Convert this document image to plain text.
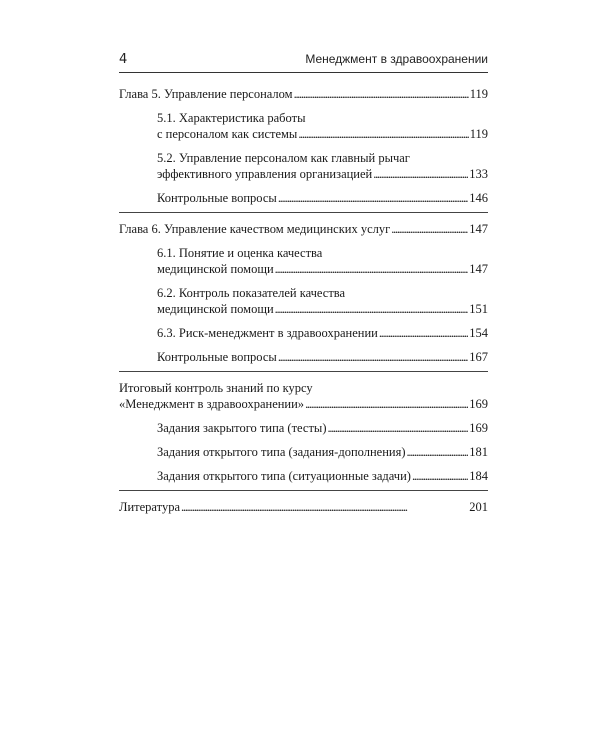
4	Менеджмент в здравоохранении
Глава 5. Управление персоналом . . .	119
5.1. Характеристика работы
с персоналом как системы . . .	119
5.2. Управление персоналом как главный рычаг
эффективного управления организацией . . .	133
Контрольные вопросы . . .	146
Глава 6. Управление качеством медицинских услуг . . .	147
6.1. Понятие и оценка качества
медицинской помощи . . .	147
6.2. Контроль показателей качества
медицинской помощи . . .	151
6.3. Риск-менеджмент в здравоохранении . . .	154
Контрольные вопросы . . .	167
Итоговый контроль знаний по курсу
«Менеджмент в здравоохранении» . . .	169
Задания закрытого типа (тесты) . . .	169
Задания открытого типа (задания-дополнения) . . .	181
Задания открытого типа (ситуационные задачи) . . .	184
Литература . . .	201
